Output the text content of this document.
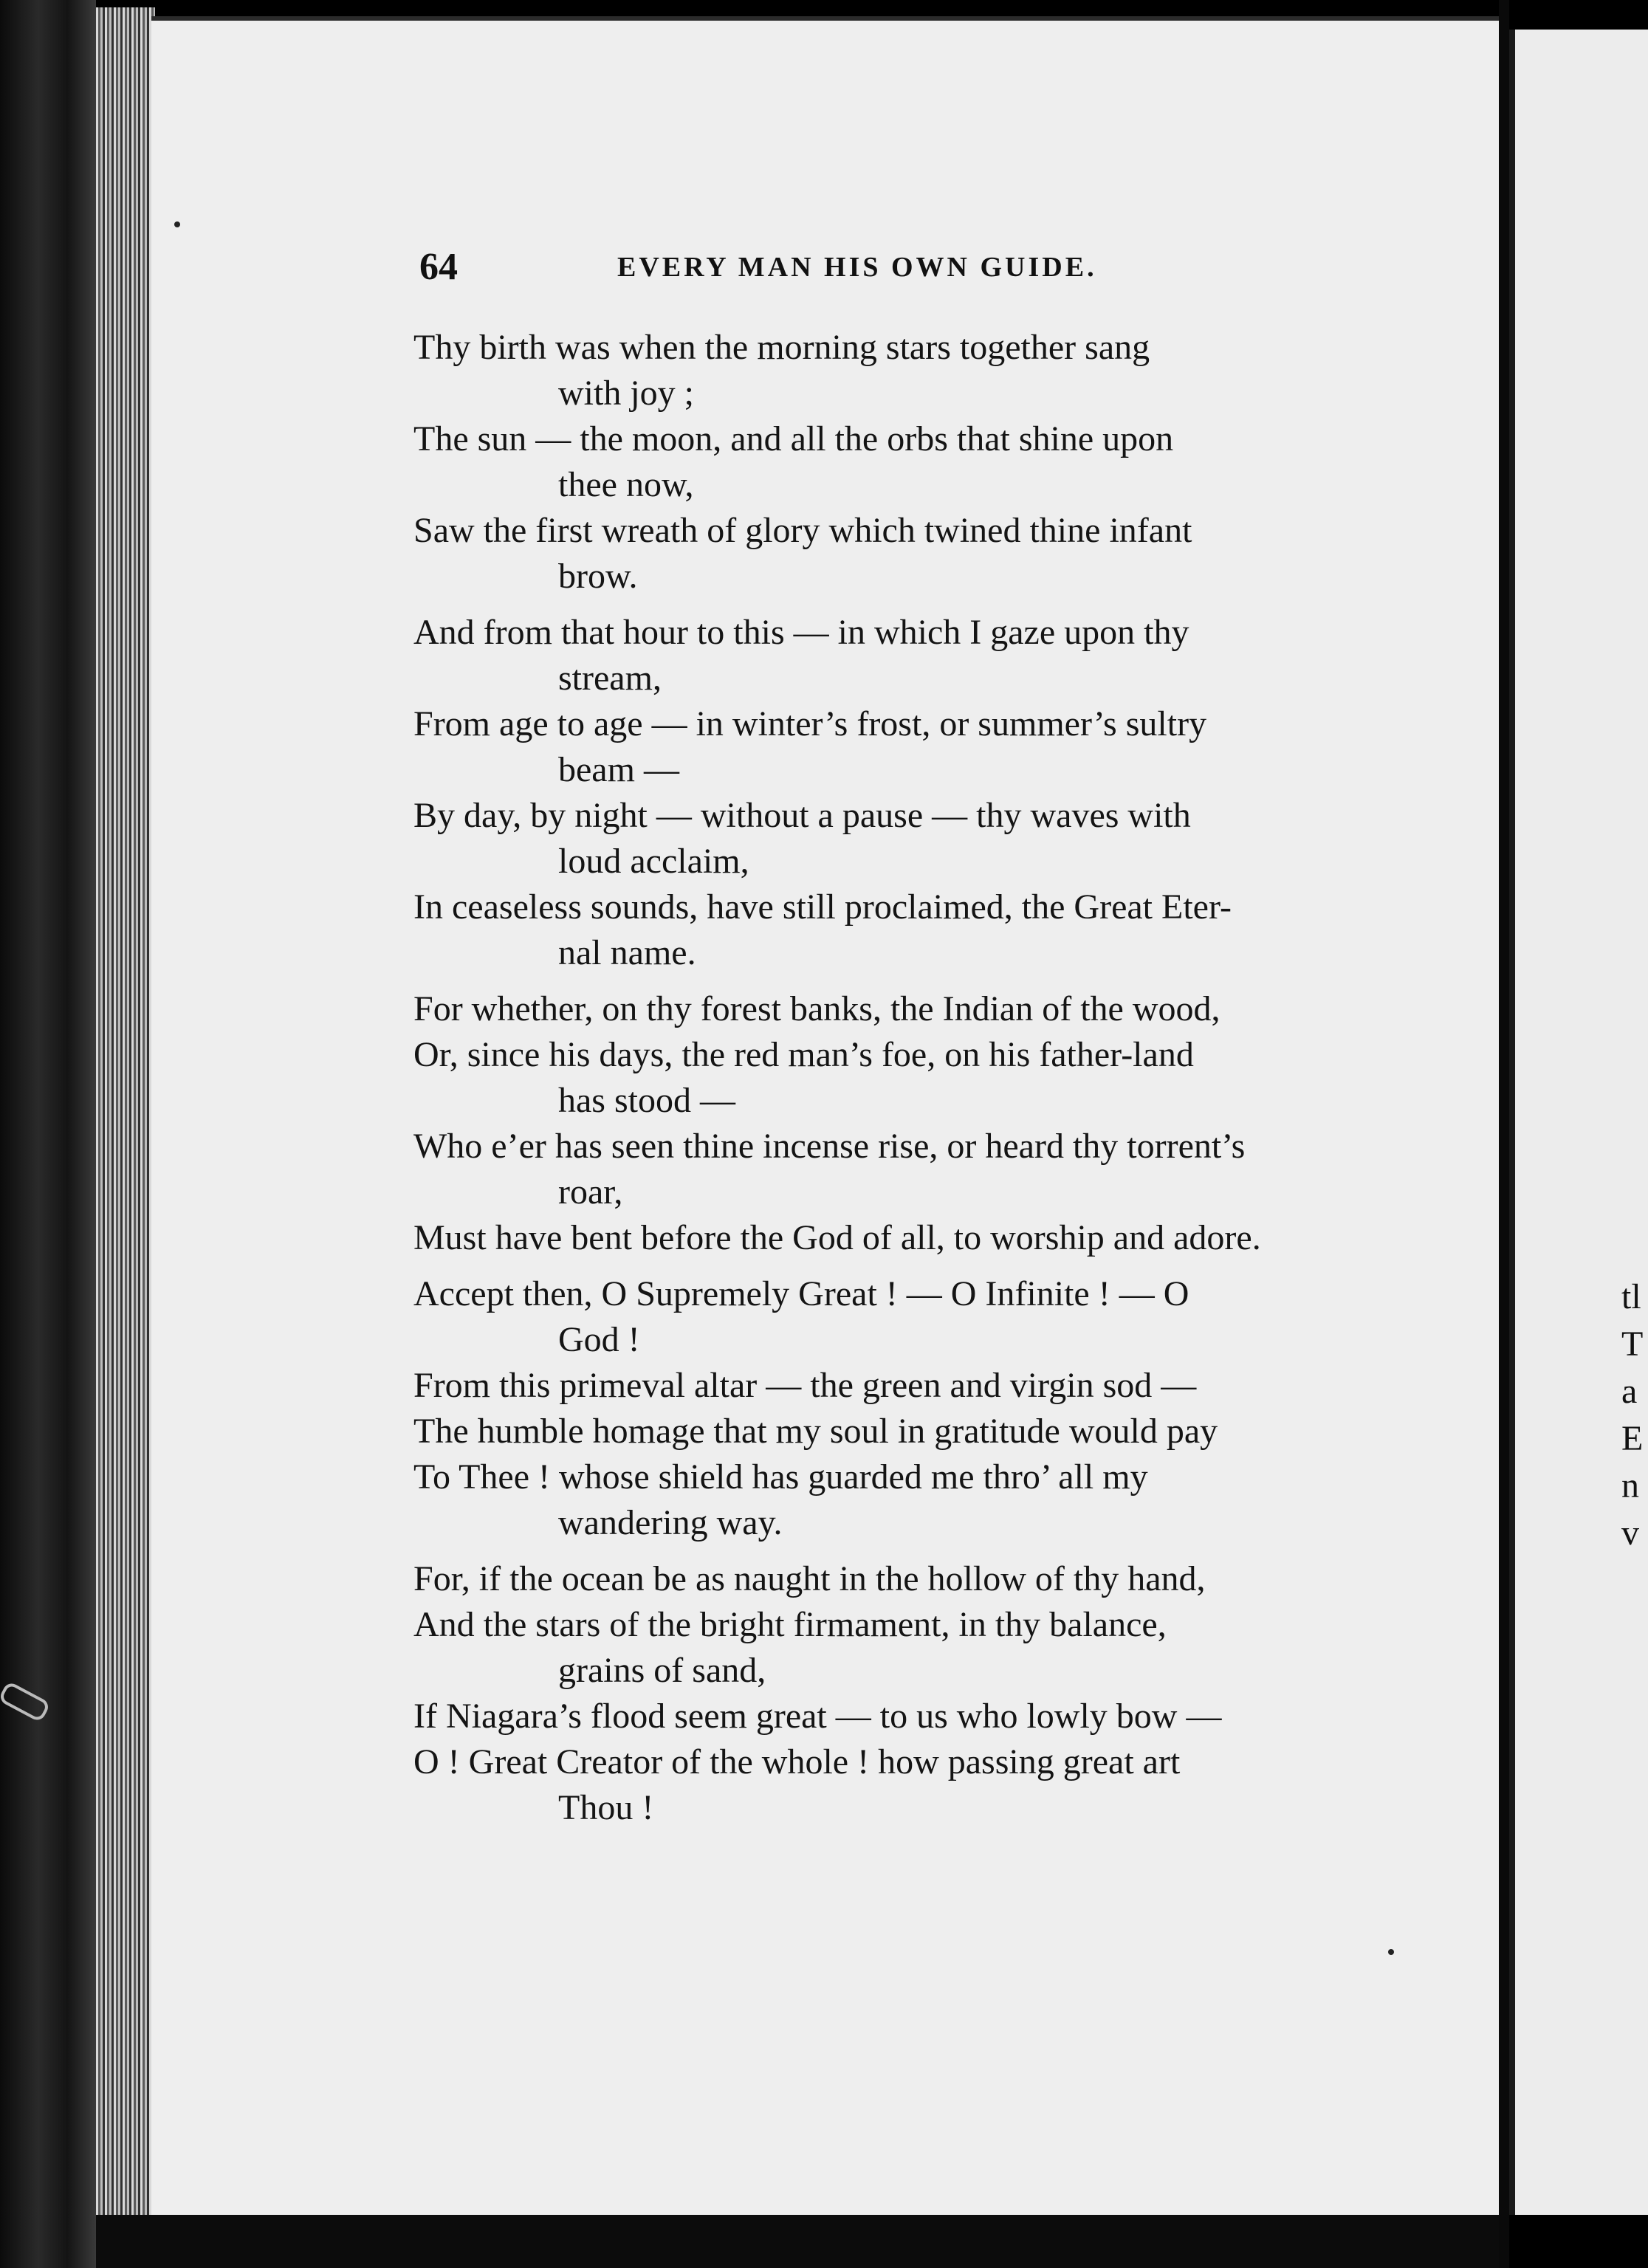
64	EVERY MAN HIS OWN GUIDE.
Thy birth was when the morning stars together sang
with joy ;
The sun — the moon, and all the orbs that shine upon
thee now,
Saw the first wreath of glory which twined thine infant
brow.
And from that hour to this — in which I gaze upon thy
stream,
From age to age — in winter’s frost, or summer’s sultry
beam —
By day, by night — without a pause — thy waves with
loud acclaim,
In ceaseless sounds, have still proclaimed, the Great Eter-
nal name.
For whether, on thy forest banks, the Indian of the wood,
Or, since his days, the red man’s foe, on his father-land
has stood —
Who e’er has seen thine incense rise, or heard thy torrent’s
roar,
Must have bent before the God of all, to worship and adore.
Accept then, O Supremely Great ! — O Infinite ! — O
God !
From this primeval altar — the green and virgin sod —
The humble homage that my soul in gratitude would pay
To Thee ! whose shield has guarded me thro’ all my
wandering way.
For, if the ocean be as naught in the hollow of thy hand,
And the stars of the bright firmament, in thy balance,
grains of sand,
If Niagara’s flood seem great — to us who lowly bow —
O ! Great Creator of the whole ! how passing great art
Thou !
tl
T
a
E
n
v
